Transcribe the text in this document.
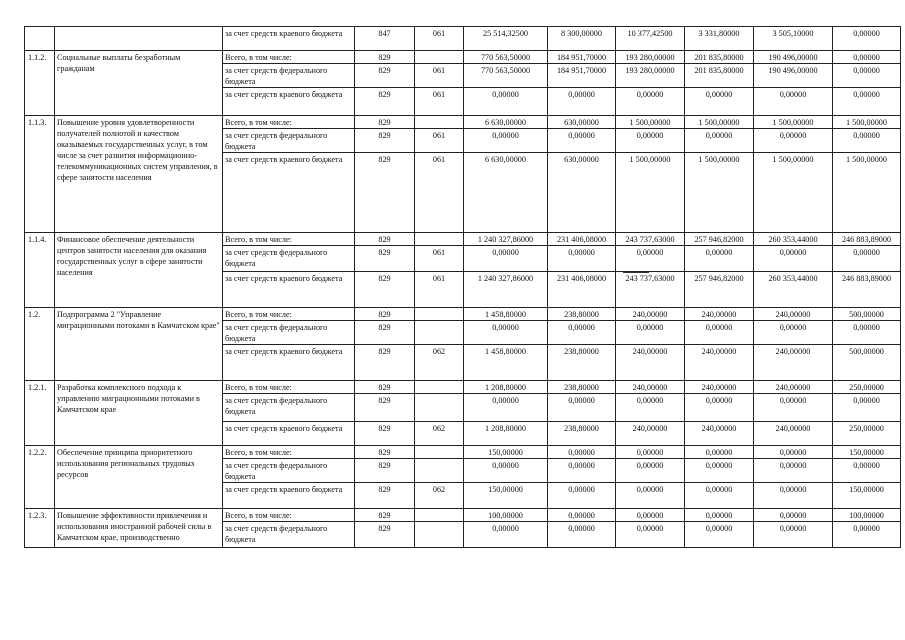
		за счет средств краевого бюджета	847	061	25 514,32500	8 300,00000	10 377,42500	3 331,80000	3 505,10000	0,00000
1.1.2.	Социальные выплаты безработным гражданам	Всего, в том числе:	829		770 563,50000	184 951,70000	193 280,00000	201 835,80000	190 496,00000	0,00000
		за счет средств федерального бюджета	829	061	770 563,50000	184 951,70000	193 280,00000	201 835,80000	190 496,00000	0,00000
		за счет средств краевого бюджета	829	061	0,00000	0,00000	0,00000	0,00000	0,00000	0,00000
1.1.3.	Повышение уровня удовлетворенности получателей полнотой и качеством оказываемых государственных услуг, в том числе за счет развития информационно-телекоммуникационных систем управления, в сфере занятости населения	Всего, в том числе:	829		6 630,00000	630,00000	1 500,00000	1 500,00000	1 500,00000	1 500,00000
		за счет средств федерального бюджета	829	061	0,00000	0,00000	0,00000	0,00000	0,00000	0,00000
		за счет средств краевого бюджета	829	061	6 630,00000	630,00000	1 500,00000	1 500,00000	1 500,00000	1 500,00000
1.1.4.	Финансовое обеспечение деятельности центров занятости населения для оказания государственных услуг в сфере занятости населения	Всего, в том числе:	829		1 240 327,86000	231 406,08000	243 737,63000	257 946,82000	260 353,44000	246 883,89000
		за счет средств федерального бюджета	829	061	0,00000	0,00000	0,00000	0,00000	0,00000	0,00000
		за счет средств краевого бюджета	829	061	1 240 327,86000	231 406,08000	243 737,63000	257 946,82000	260 353,44000	246 883,89000
1.2.	Подпрограмма 2 "Управление миграционными потоками в Камчатском крае"	Всего, в том числе:	829		1 458,80000	238,80000	240,00000	240,00000	240,00000	500,00000
		за счет средств федерального бюджета	829		0,00000	0,00000	0,00000	0,00000	0,00000	0,00000
		за счет средств краевого бюджета	829	062	1 458,80000	238,80000	240,00000	240,00000	240,00000	500,00000
1.2.1.	Разработка комплексного подхода к управлению миграционными потоками в Камчатском крае	Всего, в том числе:	829		1 208,80000	238,80000	240,00000	240,00000	240,00000	250,00000
		за счет средств федерального бюджета	829		0,00000	0,00000	0,00000	0,00000	0,00000	0,00000
		за счет средств краевого бюджета	829	062	1 208,80000	238,80000	240,00000	240,00000	240,00000	250,00000
1.2.2.	Обеспечение принципа приоритетного использования региональных трудовых ресурсов	Всего, в том числе:	829		150,00000	0,00000	0,00000	0,00000	0,00000	150,00000
		за счет средств федерального бюджета	829		0,00000	0,00000	0,00000	0,00000	0,00000	0,00000
		за счет средств краевого бюджета	829	062	150,00000	0,00000	0,00000	0,00000	0,00000	150,00000
1.2.3.	Повышение эффективности привлечения и использования иностранной рабочей силы в Камчатском крае, производственно	Всего, в том числе:	829		100,00000	0,00000	0,00000	0,00000	0,00000	100,00000
		за счет средств федерального бюджета	829		0,00000	0,00000	0,00000	0,00000	0,00000	0,00000
